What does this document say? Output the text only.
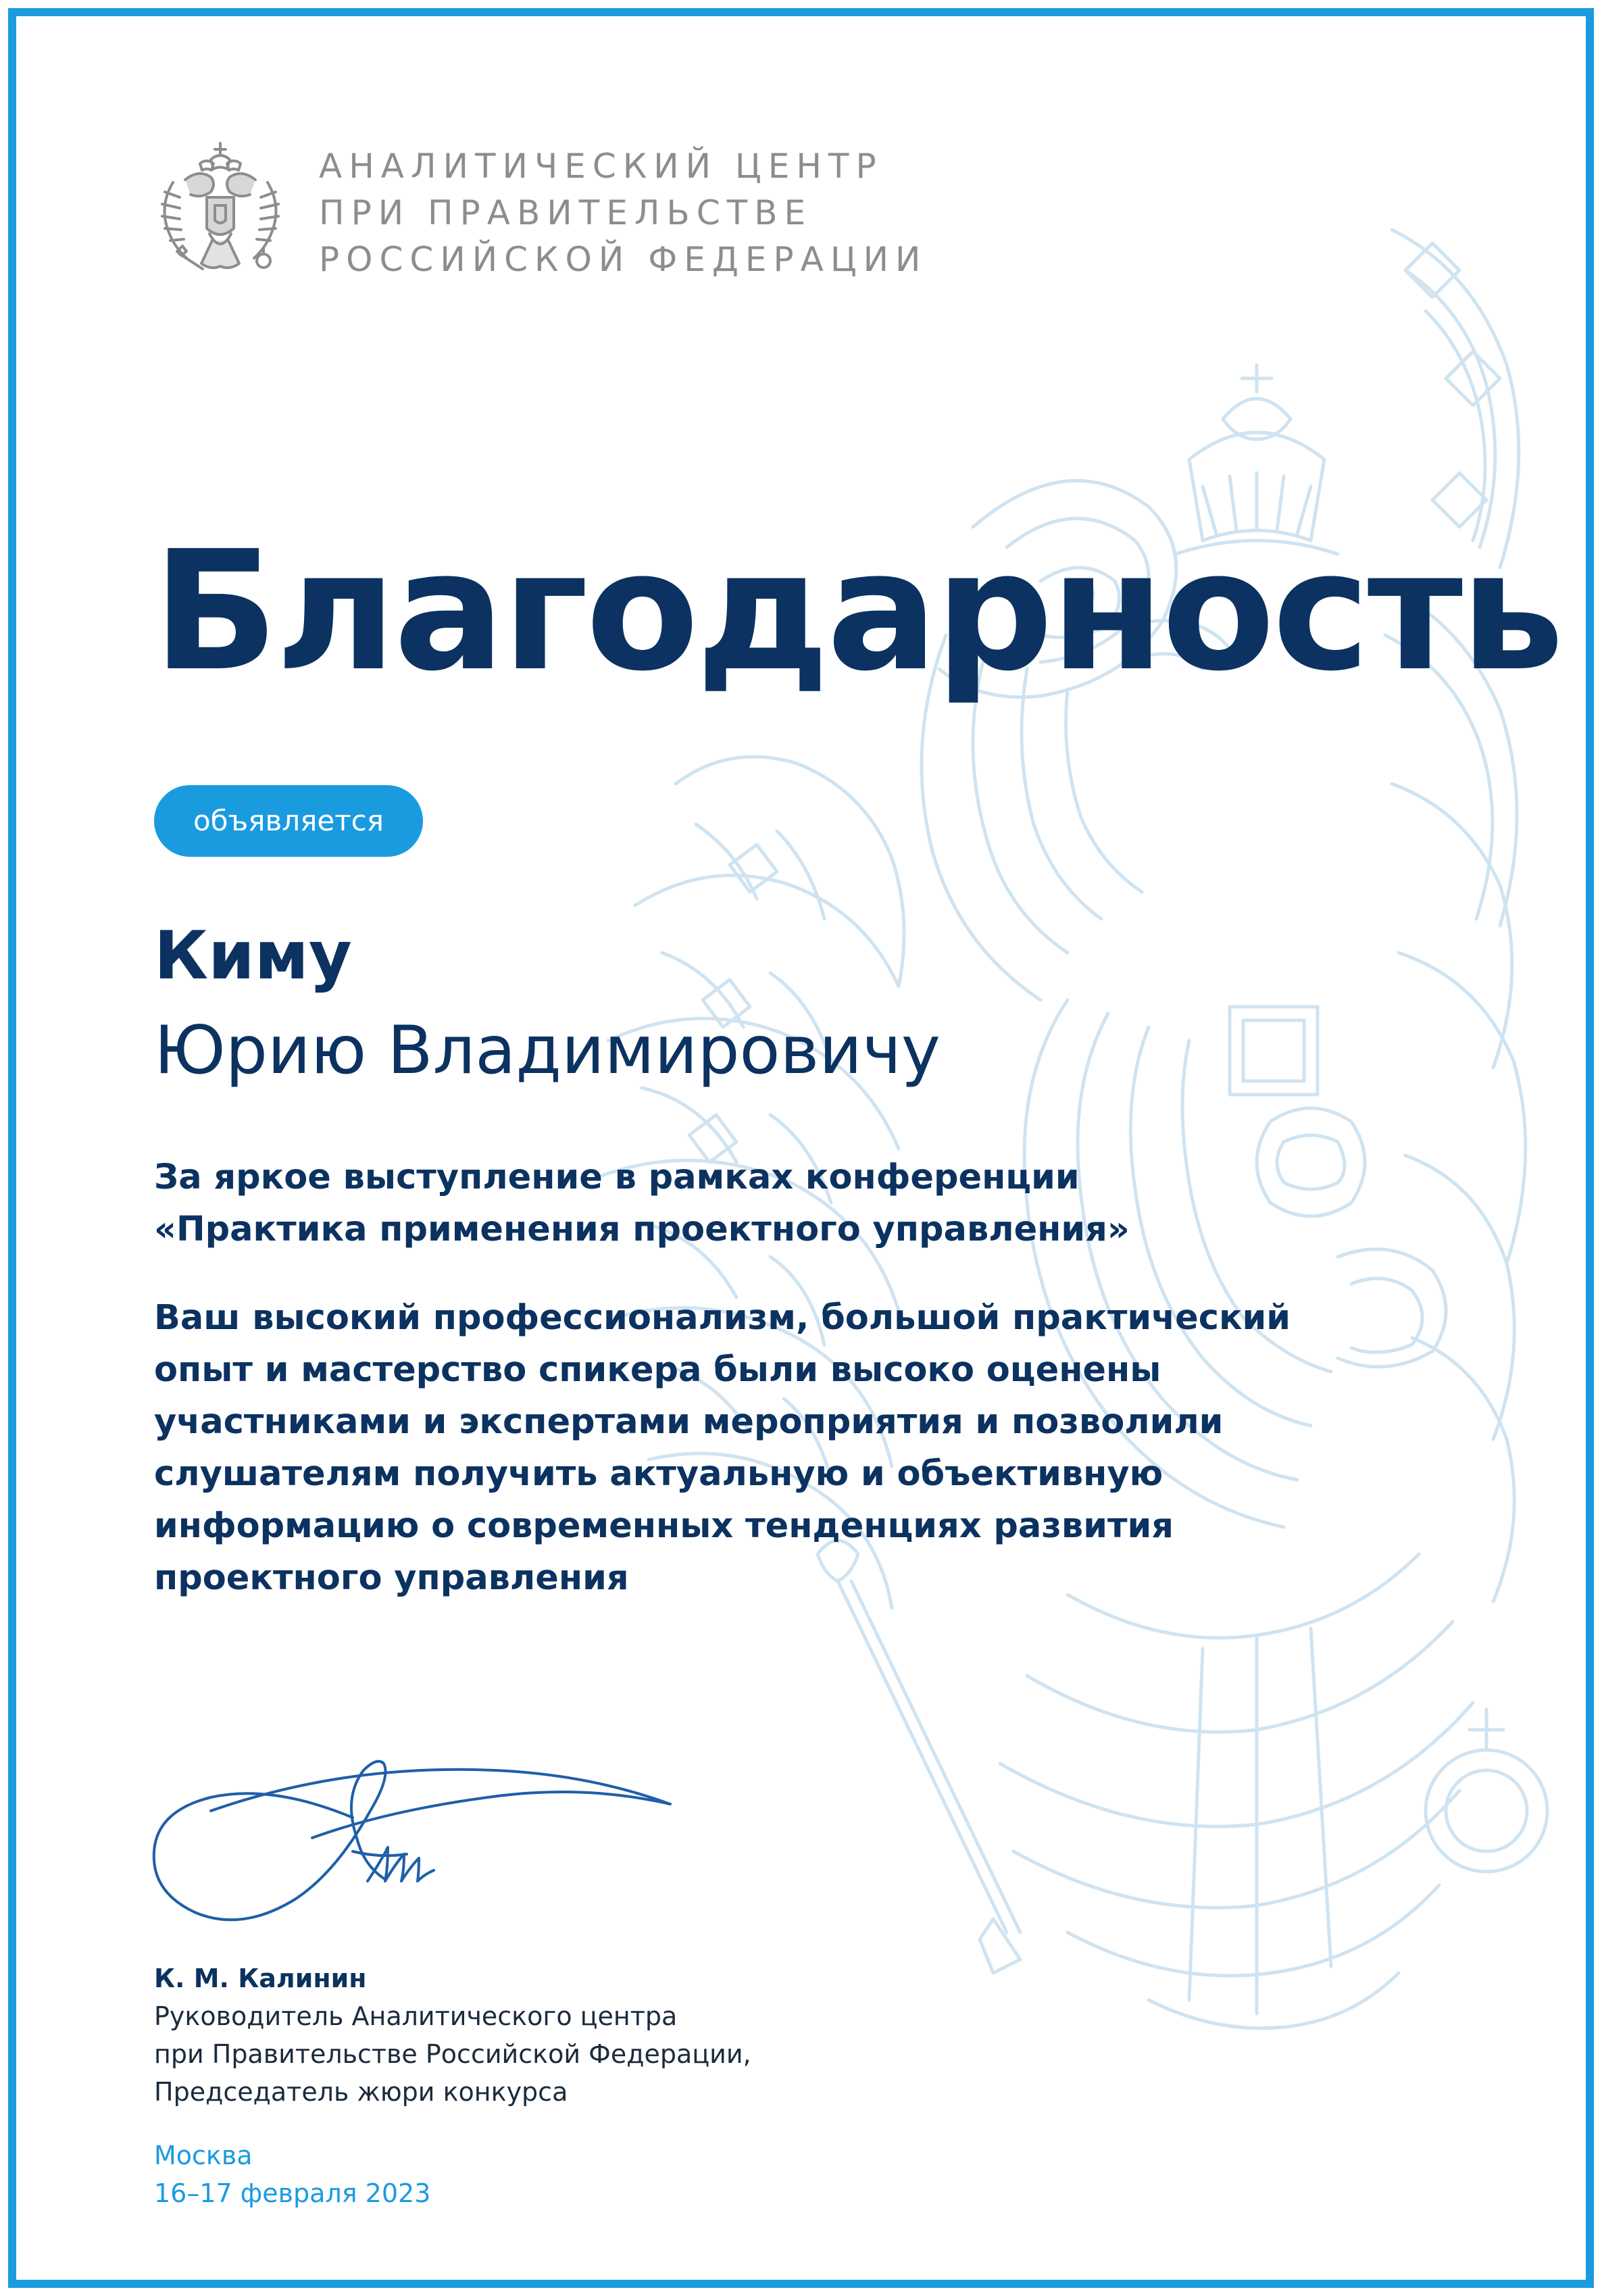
АНАЛИТИЧЕСКИЙ ЦЕНТР
ПРИ ПРАВИТЕЛЬСТВЕ
РОССИЙСКОЙ ФЕДЕРАЦИИ
Благодарность
объявляется
Киму
Юрию Владимировичу
За яркое выступление в рамках конференции
«Практика применения проектного управления»
Ваш высокий профессионализм, большой практический
опыт и мастерство спикера были высоко оценены
участниками и экспертами мероприятия и позволили
слушателям получить актуальную и объективную
информацию о современных тенденциях развития
проектного управления
К. М. Калинин
Руководитель Аналитического центра
при Правительстве Российской Федерации,
Председатель жюри конкурса
Москва
16–17 февраля 2023
